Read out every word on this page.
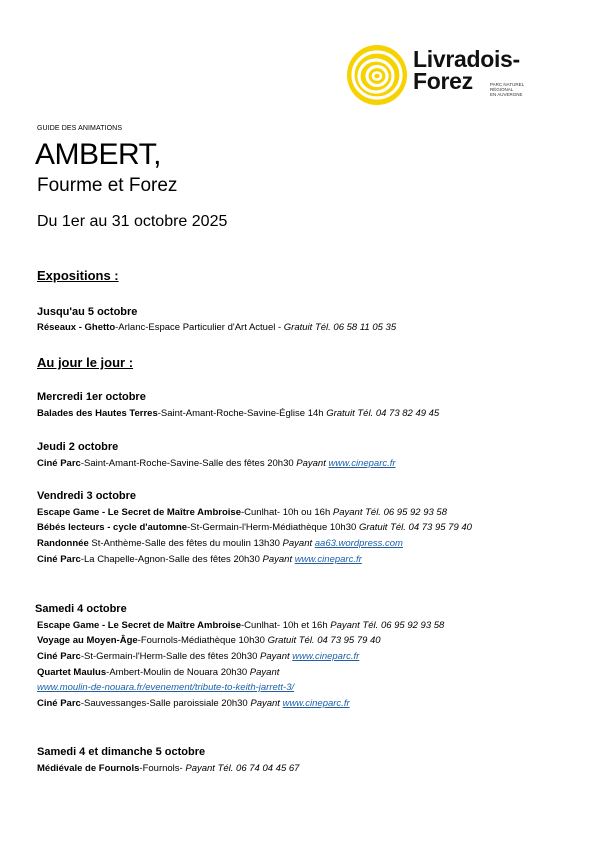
Livradois-
Forez	PARC NATUREL
RÉGIONAL
EN AUVERGNE
GUIDE DES ANIMATIONS
AMBERT,
Fourme et Forez
Du 1er au 31 octobre 2025
Expositions :
Jusqu'au 5 octobre
Réseaux - Ghetto-Arlanc-Espace Particulier d'Art Actuel - Gratuit Tél. 06 58 11 05 35
Au jour le jour :
Mercredi 1er octobre
Balades des Hautes Terres-Saint-Amant-Roche-Savine-Église 14h Gratuit Tél. 04 73 82 49 45
Jeudi 2 octobre
Ciné Parc-Saint-Amant-Roche-Savine-Salle des fêtes 20h30 Payant www.cineparc.fr
Vendredi 3 octobre
Escape Game - Le Secret de Maître Ambroise-Cunlhat- 10h ou 16h Payant Tél. 06 95 92 93 58
Bébés lecteurs - cycle d'automne-St-Germain-l'Herm-Médiathèque 10h30 Gratuit Tél. 04 73 95 79 40
Randonnée St-Anthème-Salle des fêtes du moulin 13h30 Payant aa63.wordpress.com
Ciné Parc-La Chapelle-Agnon-Salle des fêtes 20h30 Payant www.cineparc.fr
Samedi 4 octobre
Escape Game - Le Secret de Maître Ambroise-Cunlhat- 10h et 16h Payant Tél. 06 95 92 93 58
Voyage au Moyen-Âge-Fournols-Médiathèque 10h30 Gratuit Tél. 04 73 95 79 40
Ciné Parc-St-Germain-l'Herm-Salle des fêtes 20h30 Payant www.cineparc.fr
Quartet Maulus-Ambert-Moulin de Nouara 20h30 Payant
www.moulin-de-nouara.fr/evenement/tribute-to-keith-jarrett-3/
Ciné Parc-Sauvessanges-Salle paroissiale 20h30 Payant www.cineparc.fr
Samedi 4 et dimanche 5 octobre
Médiévale de Fournols-Fournols- Payant Tél. 06 74 04 45 67
